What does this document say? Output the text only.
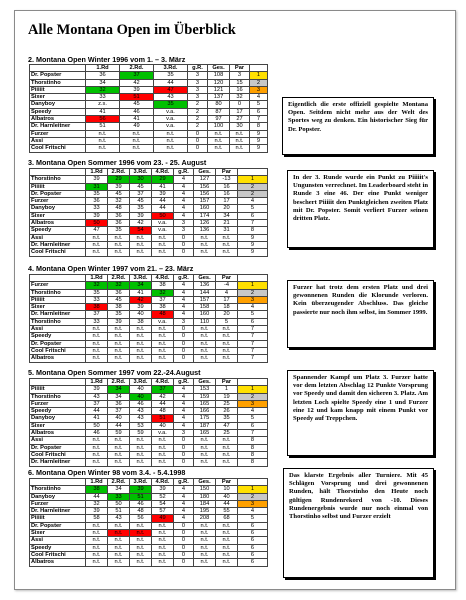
Alle Montana Open im Überblick
2. Montana Open Winter 1996 vom 1. – 3. März
	1.Rd	2.Rd.	3.Rd.	g.R.	Ges.	Par	
Dr. Popster	36	37	35	3	108	3	1
Thorstinho	34	42	44	3	120	15	2
Piiiiit	32	39	47	3	121	16	3
Sixer	33	51	43	3	137	32	4
Danyboy	z.s.	45	35	2	80	0	5
Speedy	41	46	v.a.	2	87	17	6
Albatros	56	41	v.a.	2	97	27	7
Dr. Harnleitner	51	49	v.a.	2	100	30	8
Furzer	n.t.	n.t.	n.t.	0	n.t.	n.t.	9
Assi	n.t.	n.t.	n.t.	0	n.t.	n.t.	9
Cool Fritschi	n.t.	n.t.	n.t.	0	n.t.	n.t.	9
Eigentlich die erste offiziell gespielte Montana Open. Seitdem nicht mehr aus der Welt des Sportes weg zu denken. Ein historischer Sieg für Dr. Popster.
3. Montana Open Sommer 1996 vom 23. - 25. August
	1.Rd	2.Rd.	3.Rd.	4.Rd.	g.R.	Ges.	Par	
Thorstinho	39	29	30	29	4	127	-13	1
Piiiiit	31	39	45	41	4	156	16	2
Dr. Popster	35	45	37	39	4	156	16	2
Furzer	36	32	45	44	4	157	17	4
Danyboy	33	48	35	44	4	160	20	5
Sixer	39	36	39	50	4	174	34	6
Albatros	50	36	42	v.a.	3	126	21	7
Speedy	47	35	54	v.a.	3	136	31	8
Assi	n.t.	n.t.	n.t.	n.t.	0	n.t.	n.t.	9
Dr. Harnleitner	n.t.	n.t.	n.t.	n.t.	0	n.t.	n.t.	9
Cool Fritschi	n.t.	n.t.	n.t.	n.t.	0	n.t.	n.t.	9
In der 3. Runde wurde ein Punkt zu Piiiiit's Ungunsten verrechnet. Im Leaderboard steht in Runde 3 eine 46. Der eine Punkt weniger beschert Piiiiit den Punktgleichen zweiten Platz mit Dr. Popster. Somit verliert Furzer seinen dritten Platz.
4. Montana Open Winter 1997 vom 21. – 23. März
	1.Rd	2.Rd.	3.Rd.	4.Rd.	g.R.	Ges.	Par	
Furzer	32	32	34	38	4	136	-4	1
Thorstinho	35	36	41	32	4	144	4	2
Piiiiit	33	45	42	37	4	157	17	3
Sixer	38	38	39	38	4	158	18	4
Dr. Harnleitner	37	35	40	48	4	160	20	5
Thorstinho	33	39	38	v.a.	3	110	5	6
Assi	n.t.	n.t.	n.t.	n.t.	0	n.t.	n.t.	7
Speedy	n.t.	n.t.	n.t.	n.t.	0	n.t.	n.t.	7
Dr. Popster	n.t.	n.t.	n.t.	n.t.	0	n.t.	n.t.	7
Cool Fritschi	n.t.	n.t.	n.t.	n.t.	0	n.t.	n.t.	7
Albatros	n.t.	n.t.	n.t.	n.t.	0	n.t.	n.t.	7
Furzer hat trotz dem ersten Platz und drei gewonnenen Runden die Klorunde verloren. Kein überzeugender Abschluss. Das gleiche passierte nur noch ihm selbst, im Sommer 1999.
5. Montana Open Sommer 1997 vom 22.-24.August
	1.Rd	2.Rd.	3.Rd.	4.Rd.	g.R.	Ges.	Par	
Piiiiit	39	34	40	37	4	153	1	1
Thorstinho	43	34	40	42	4	159	19	2
Furzer	37	36	46	44	4	165	25	3
Speedy	44	37	43	48	4	166	26	4
Danyboy	41	40	43	51	4	175	35	5
Sixer	50	44	53	40	4	187	47	6
Albatros	46	59	59	v.a.	3	165	25	7
Assi	n.t.	n.t.	n.t.	n.t.	0	n.t.	n.t.	8
Dr. Popster	n.t.	n.t.	n.t.	n.t.	0	n.t.	n.t.	8
Cool Fritschi	n.t.	n.t.	n.t.	n.t.	0	n.t.	n.t.	8
Dr. Harnleitner	n.t.	n.t.	n.t.	n.t.	0	n.t.	n.t.	8
Spannender Kampf um Platz 3. Furzer hatte vor dem letzten Abschlag 12 Punkte Vorsprung vor Speedy und damit den sicheren 3. Platz. Am letzten Loch spielte Speedy eine 1 und Furzer eine 12 und kam knapp mit einem Punkt vor Speedy auf Treppchen.
6. Montana Open Winter 98 vom 3.4. - 5.4.1998
	1.Rd	2.Rd.	3.Rd.	4.Rd.	g.R.	Ges.	Par	
Thorstinho	38	34	39	39	4	150	10	1
Danyboy	44	33	51	52	4	180	40	2
Furzer	32	50	46	54	4	184	44	3
Dr. Harnleitner	39	51	48	57	4	195	55	4
Piiiiit	58	43	56	49	4	208	68	5
Dr. Popster	n.t.	n.t.	n.t.	n.t.	0	n.t.	n.t.	6
Sixer	n.t.	n.t.	n.t.	n.t.	0	n.t.	n.t.	6
Assi	n.t.	n.t.	n.t.	n.t.	0	n.t.	n.t.	6
Speedy	n.t.	n.t.	n.t.	n.t.	0	n.t.	n.t.	6
Cool Fritschi	n.t.	n.t.	n.t.	n.t.	0	n.t.	n.t.	6
Albatros	n.t.	n.t.	n.t.	n.t.	0	n.t.	n.t.	6
Das klarste Ergebnis aller Turniere. Mit 45 Schlägen Vorsprung und drei gewonnenen Runden, hält Thorstinho den Heute noch gültigen Rundenrekord von -10. Dieses Rundenergebnis wurde nur noch einmal von Thorstinho selbst und Furzer erzielt
